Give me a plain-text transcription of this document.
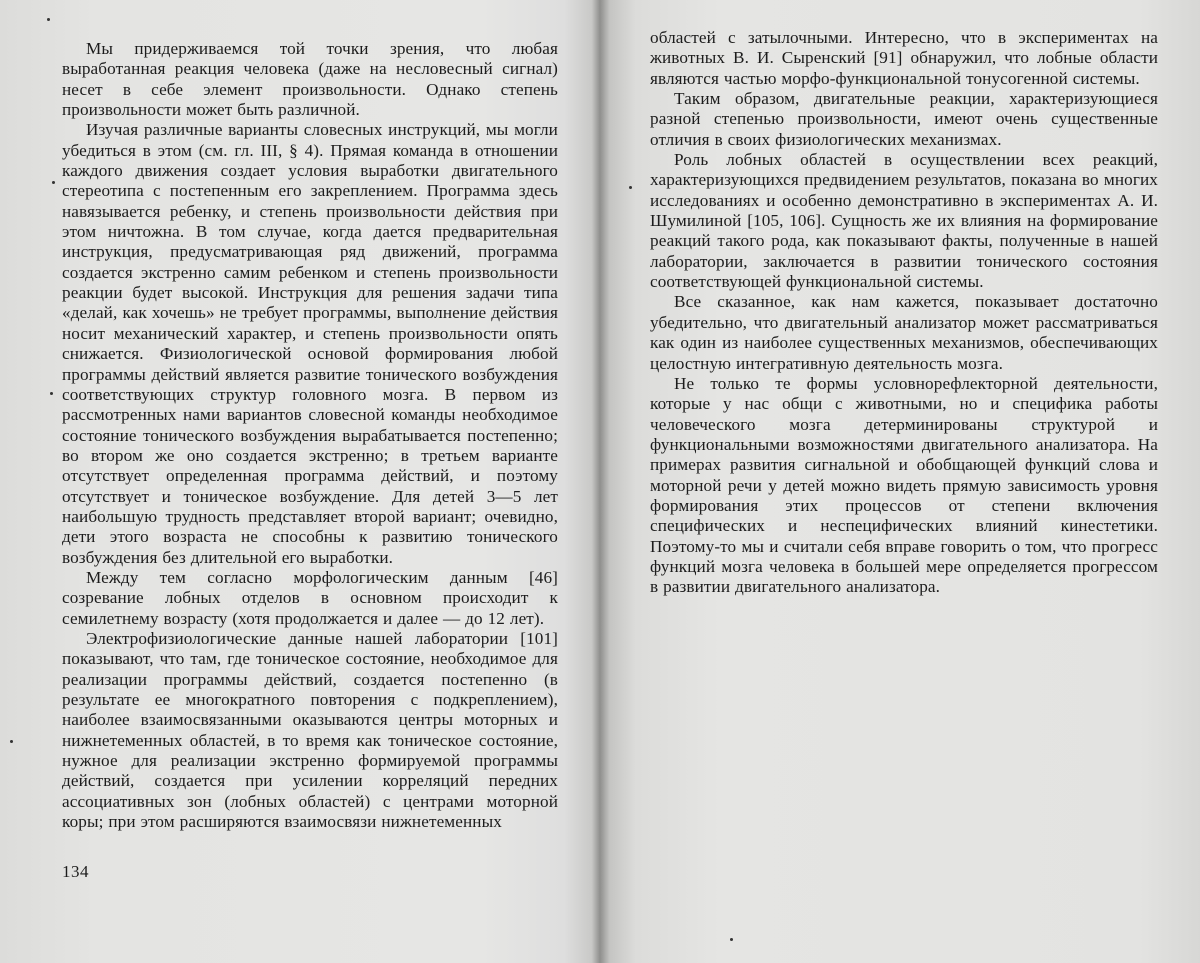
Мы придерживаемся той точки зрения, что любая выработанная реакция человека (даже на несловесный сигнал) несет в себе элемент произвольности. Однако степень произвольности может быть различной.

Изучая различные варианты словесных инструкций, мы могли убедиться в этом (см. гл. III, § 4). Прямая команда в отношении каждого движения создает условия выработки двигательного стереотипа с постепенным его закреплением. Программа здесь навязывается ребенку, и степень произвольности действия при этом ничтожна. В том случае, когда дается предварительная инструкция, предусматривающая ряд движений, программа создается экстренно самим ребенком и степень произвольности реакции будет высокой. Инструкция для решения задачи типа «делай, как хочешь» не требует программы, выполнение действия носит механический характер, и степень произвольности опять снижается. Физиологической основой формирования любой программы действий является развитие тонического возбуждения соответствующих структур головного мозга. В первом из рассмотренных нами вариантов словесной команды необходимое состояние тонического возбуждения вырабатывается постепенно; во втором же оно создается экстренно; в третьем варианте отсутствует определенная программа действий, и поэтому отсутствует и тоническое возбуждение. Для детей 3—5 лет наибольшую трудность представляет второй вариант; очевидно, дети этого возраста не способны к развитию тонического возбуждения без длительной его выработки.

Между тем согласно морфологическим данным [46] созревание лобных отделов в основном происходит к семилетнему возрасту (хотя продолжается и далее — до 12 лет).

Электрофизиологические данные нашей лаборатории [101] показывают, что там, где тоническое состояние, необходимое для реализации программы действий, создается постепенно (в результате ее многократного повторения с подкреплением), наиболее взаимосвязанными оказываются центры моторных и нижнетеменных областей, в то время как тоническое состояние, нужное для реализации экстренно формируемой программы действий, создается при усилении корреляций передних ассоциативных зон (лобных областей) с центрами моторной коры; при этом расширяются взаимосвязи нижнетеменных

134

областей с затылочными. Интересно, что в экспериментах на животных В. И. Сыренский [91] обнаружил, что лобные области являются частью морфо-функциональной тонусогенной системы.

Таким образом, двигательные реакции, характеризующиеся разной степенью произвольности, имеют очень существенные отличия в своих физиологических механизмах.

Роль лобных областей в осуществлении всех реакций, характеризующихся предвидением результатов, показана во многих исследованиях и особенно демонстративно в экспериментах А. И. Шумилиной [105, 106]. Сущность же их влияния на формирование реакций такого рода, как показывают факты, полученные в нашей лаборатории, заключается в развитии тонического состояния соответствующей функциональной системы.

Все сказанное, как нам кажется, показывает достаточно убедительно, что двигательный анализатор может рассматриваться как один из наиболее существенных механизмов, обеспечивающих целостную интегративную деятельность мозга.

Не только те формы условнорефлекторной деятельности, которые у нас общи с животными, но и специфика работы человеческого мозга детерминированы структурой и функциональными возможностями двигательного анализатора. На примерах развития сигнальной и обобщающей функций слова и моторной речи у детей можно видеть прямую зависимость уровня формирования этих процессов от степени включения специфических и неспецифических влияний кинестетики. Поэтому-то мы и считали себя вправе говорить о том, что прогресс функций мозга человека в большей мере определяется прогрессом в развитии двигательного анализатора.
